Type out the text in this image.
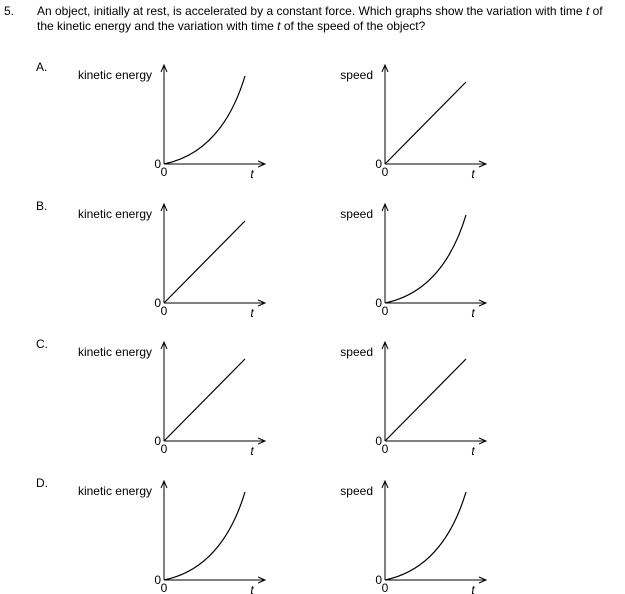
5. An object, initially at rest, is accelerated by a constant force. Which graphs show the variation with time t of the kinetic energy and the variation with time t of the speed of the object?
A.
kinetic energy
0
0	t
speed
0
0	t
B.
kinetic energy
0
0	t
speed
0
0	t
C.
kinetic energy
0
0	t
speed
0
0	t
D.
kinetic energy
0
0	t
speed
0
0	t
